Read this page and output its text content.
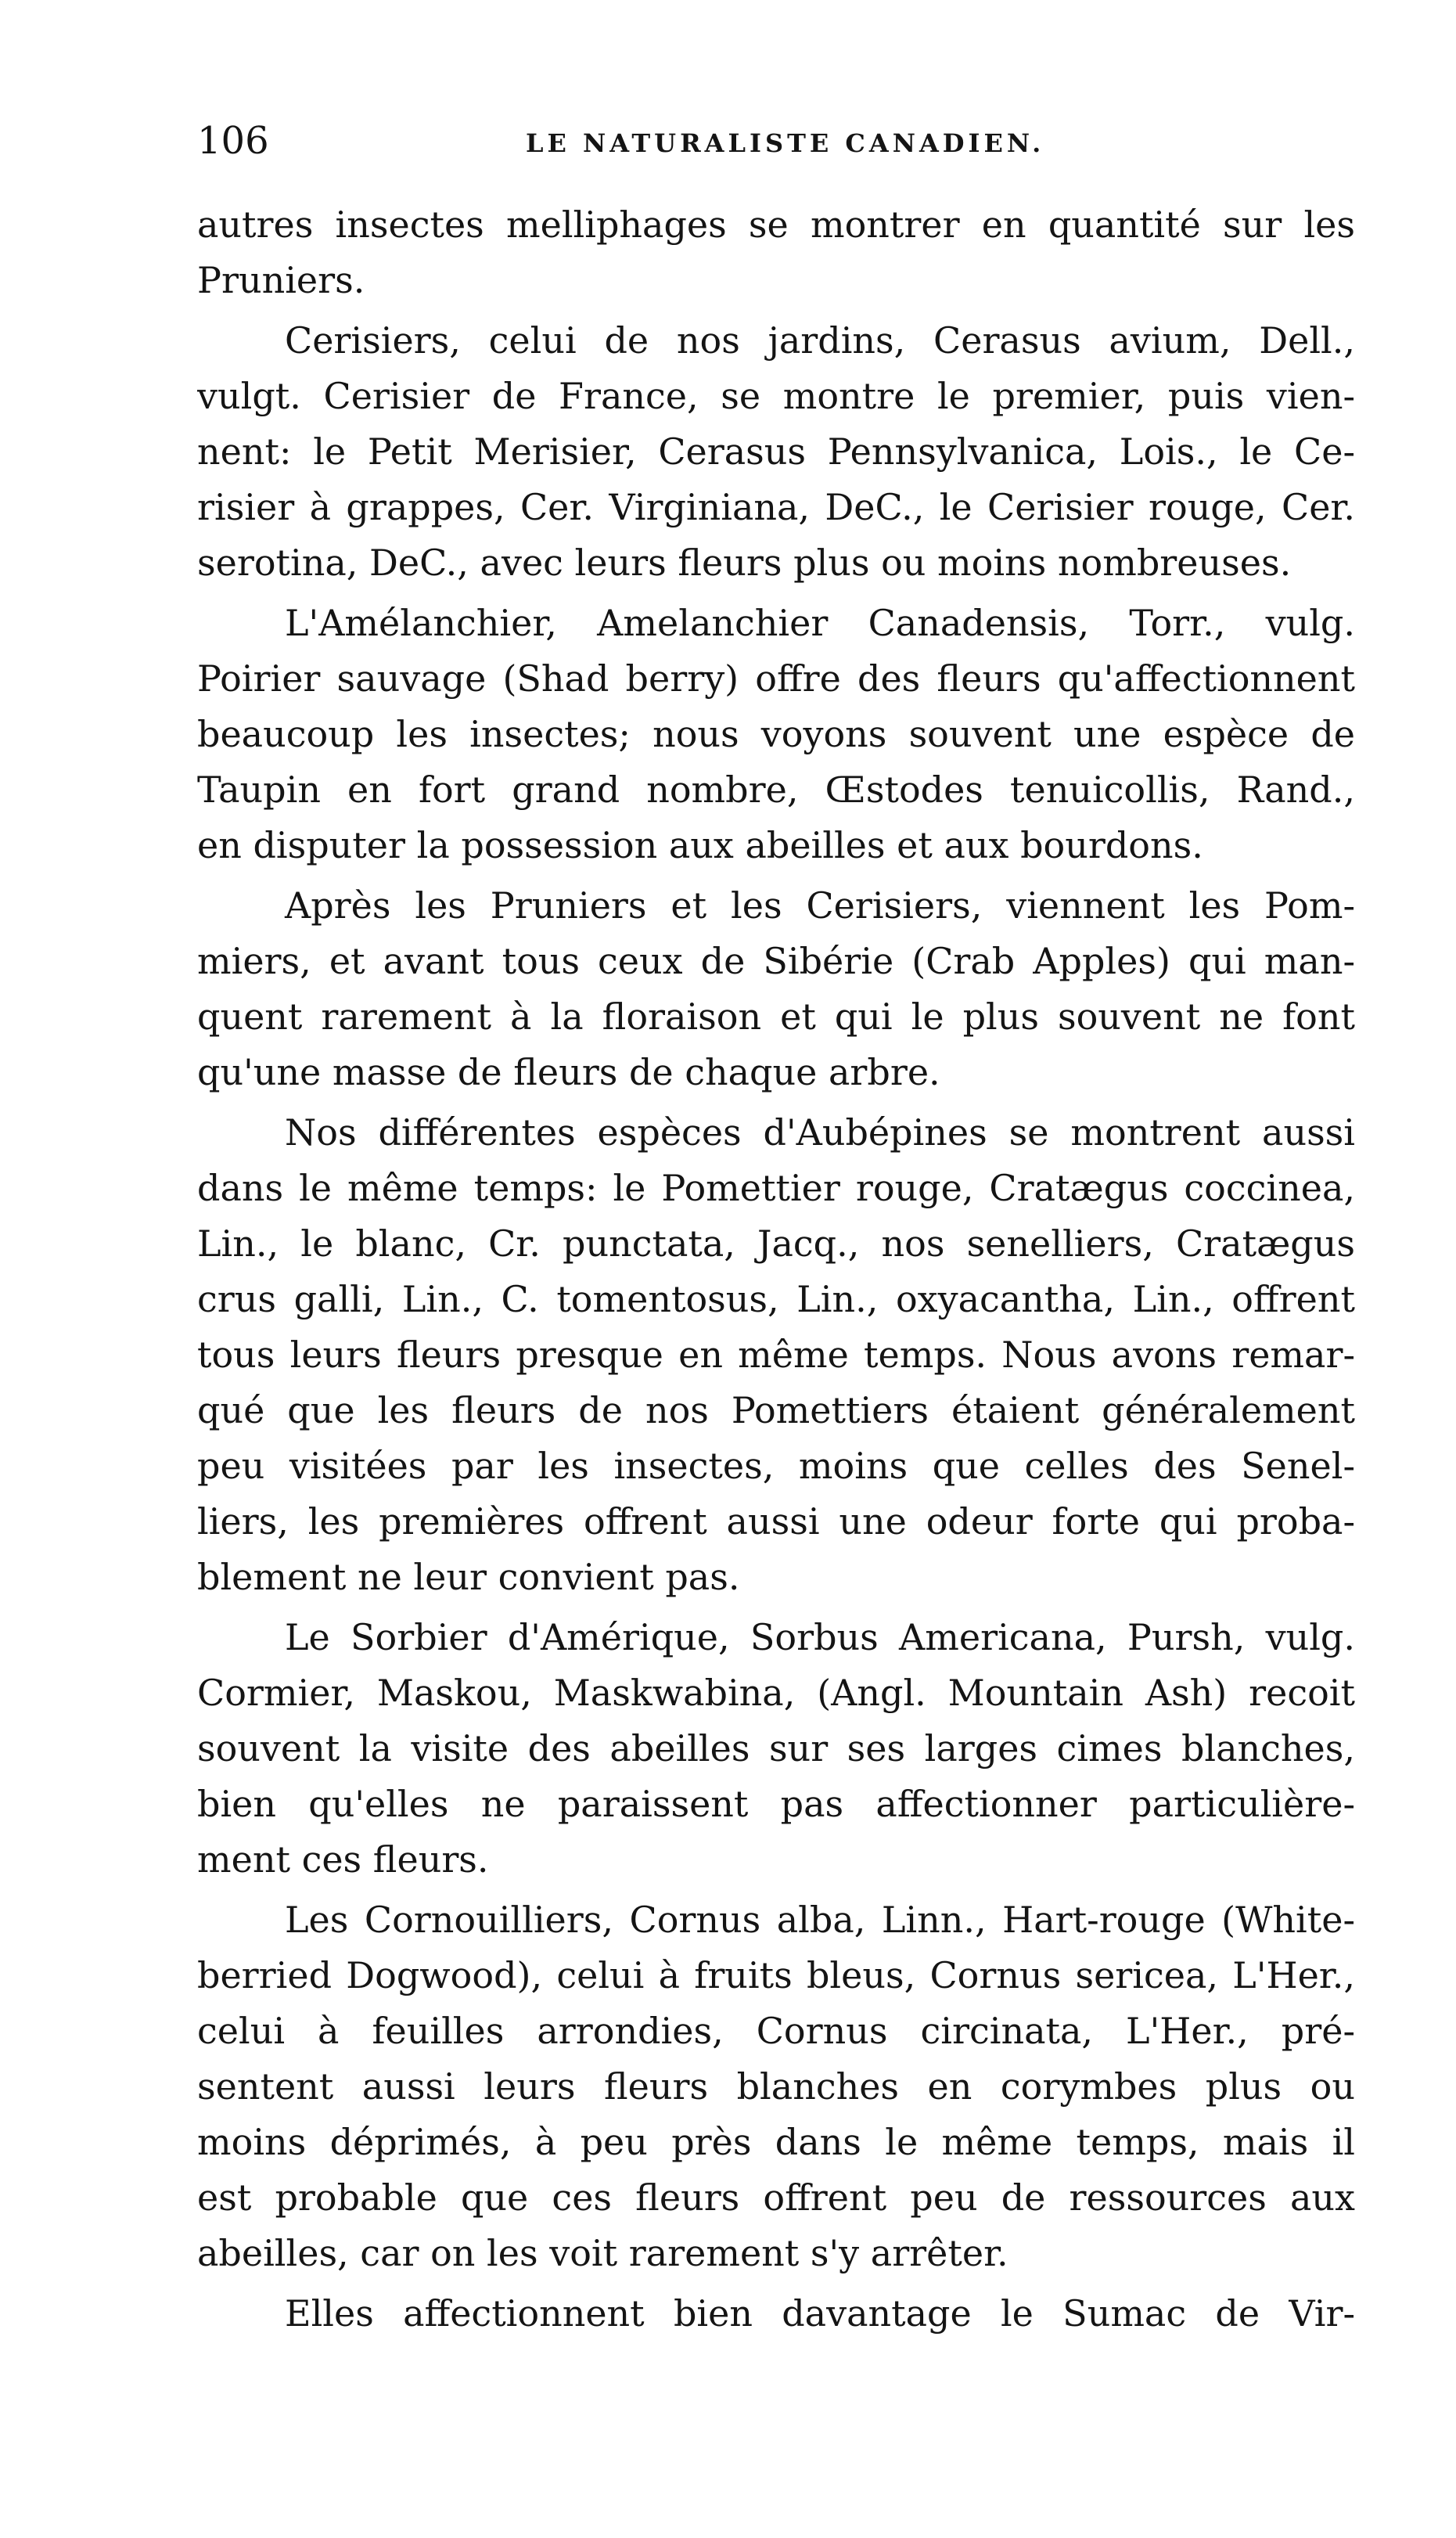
106	LE NATURALISTE CANADIEN.
autres insectes melliphages se montrer en quantité sur les
Pruniers.
Cerisiers, celui de nos jardins, Cerasus avium, Dell.,
vulgt. Cerisier de France, se montre le premier, puis vien-
nent: le Petit Merisier, Cerasus Pennsylvanica, Lois., le Ce-
risier à grappes, Cer. Virginiana, DeC., le Cerisier rouge, Cer.
serotina, DeC., avec leurs fleurs plus ou moins nombreuses.
L'Amélanchier, Amelanchier Canadensis, Torr., vulg.
Poirier sauvage (Shad berry) offre des fleurs qu'affectionnent
beaucoup les insectes; nous voyons souvent une espèce de
Taupin en fort grand nombre, Œstodes tenuicollis, Rand.,
en disputer la possession aux abeilles et aux bourdons.
Après les Pruniers et les Cerisiers, viennent les Pom-
miers, et avant tous ceux de Sibérie (Crab Apples) qui man-
quent rarement à la floraison et qui le plus souvent ne font
qu'une masse de fleurs de chaque arbre.
Nos différentes espèces d'Aubépines se montrent aussi
dans le même temps: le Pomettier rouge, Cratægus coccinea,
Lin., le blanc, Cr. punctata, Jacq., nos senelliers, Cratægus
crus galli, Lin., C. tomentosus, Lin., oxyacantha, Lin., offrent
tous leurs fleurs presque en même temps. Nous avons remar-
qué que les fleurs de nos Pomettiers étaient généralement
peu visitées par les insectes, moins que celles des Senel-
liers, les premières offrent aussi une odeur forte qui proba-
blement ne leur convient pas.
Le Sorbier d'Amérique, Sorbus Americana, Pursh, vulg.
Cormier, Maskou, Maskwabina, (Angl. Mountain Ash) recoit
souvent la visite des abeilles sur ses larges cimes blanches,
bien qu'elles ne paraissent pas affectionner particulière-
ment ces fleurs.
Les Cornouilliers, Cornus alba, Linn., Hart-rouge (White-
berried Dogwood), celui à fruits bleus, Cornus sericea, L'Her.,
celui à feuilles arrondies, Cornus circinata, L'Her., pré-
sentent aussi leurs fleurs blanches en corymbes plus ou
moins déprimés, à peu près dans le même temps, mais il
est probable que ces fleurs offrent peu de ressources aux
abeilles, car on les voit rarement s'y arrêter.
Elles affectionnent bien davantage le Sumac de Vir-
